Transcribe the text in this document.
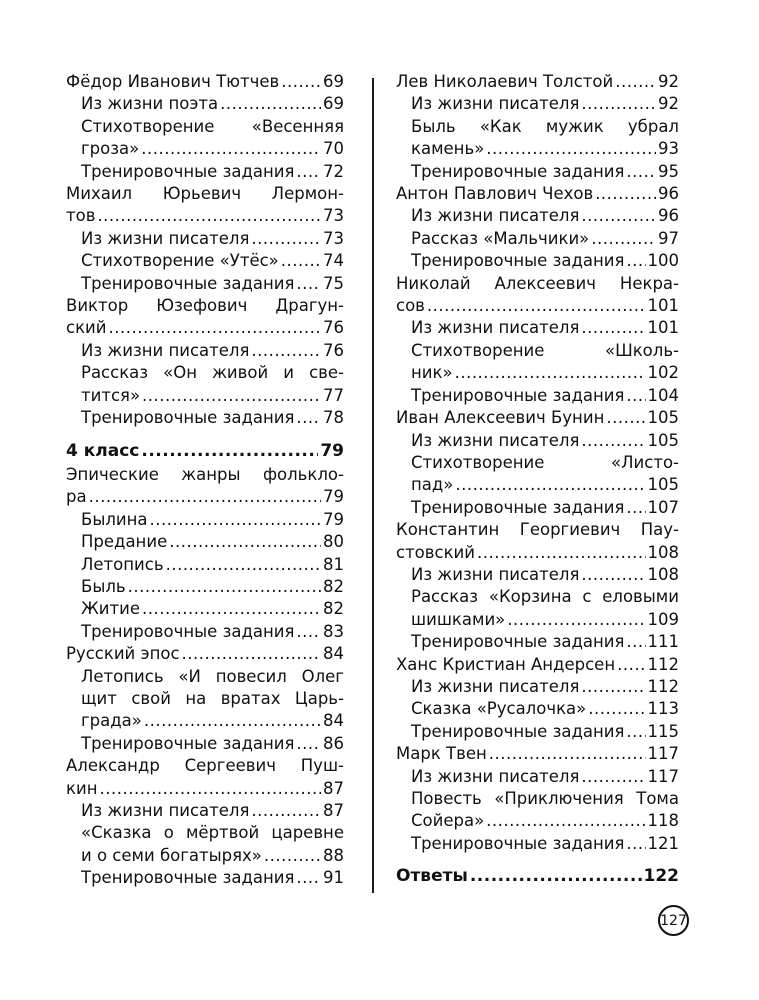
Фёдор Иванович Тютчев .....	69
Из жизни поэта .....	69
Стихотворение «Весенняя
гроза» .....	70
Тренировочные задания ..... 72
Михаил Юрьевич Лермон-
тов .....	73
Из жизни писателя .....	73
Стихотворение «Утёс» .....	74
Тренировочные задания ..... 75
Виктор Юзефович Драгун-
ский .....	76
Из жизни писателя .....	76
Рассказ «Он живой и све-
тится» .....	77
Тренировочные задания ..... 78
4 класс .....	79
Эпические жанры фолькло-
ра .....	79
Былина .....	79
Предание .....	80
Летопись .....	81
Быль .....	82
Житие .....	82
Тренировочные задания ..... 83
Русский эпос .....	84
Летопись «И повесил Олег
щит свой на вратах Царь-
града» .....	84
Тренировочные задания ..... 86
Александр Сергеевич Пуш-
кин .....	87
Из жизни писателя .....	87
«Сказка о мёртвой царевне
и о семи богатырях» .....	88
Тренировочные задания ..... 91
Лев Николаевич Толстой .....	92
Из жизни писателя .....	92
Быль «Как мужик убрал
камень» .....	93
Тренировочные задания ..... 95
Антон Павлович Чехов .....	96
Из жизни писателя .....	96
Рассказ «Мальчики» .....	97
Тренировочные задания ..... 100
Николай Алексеевич Некра-
сов .....	101
Из жизни писателя .....	101
Стихотворение	«Школь-
ник» .....	102
Тренировочные задания ..... 104
Иван Алексеевич Бунин .....	105
Из жизни писателя .....	105
Стихотворение	«Листо-
пад» .....	105
Тренировочные задания ..... 107
Константин Георгиевич Пау-
стовский .....	108
Из жизни писателя .....	108
Рассказ «Корзина с еловыми
шишками» .....	109
Тренировочные задания ..... 111
Ханс Кристиан Андерсен ..... 112
Из жизни писателя .....	112
Сказка «Русалочка» .....	113
Тренировочные задания ..... 115
Марк Твен .....	117
Из жизни писателя .....	117
Повесть «Приключения Тома
Сойера» .....	118
Тренировочные задания ..... 121
Ответы .....	122
127
